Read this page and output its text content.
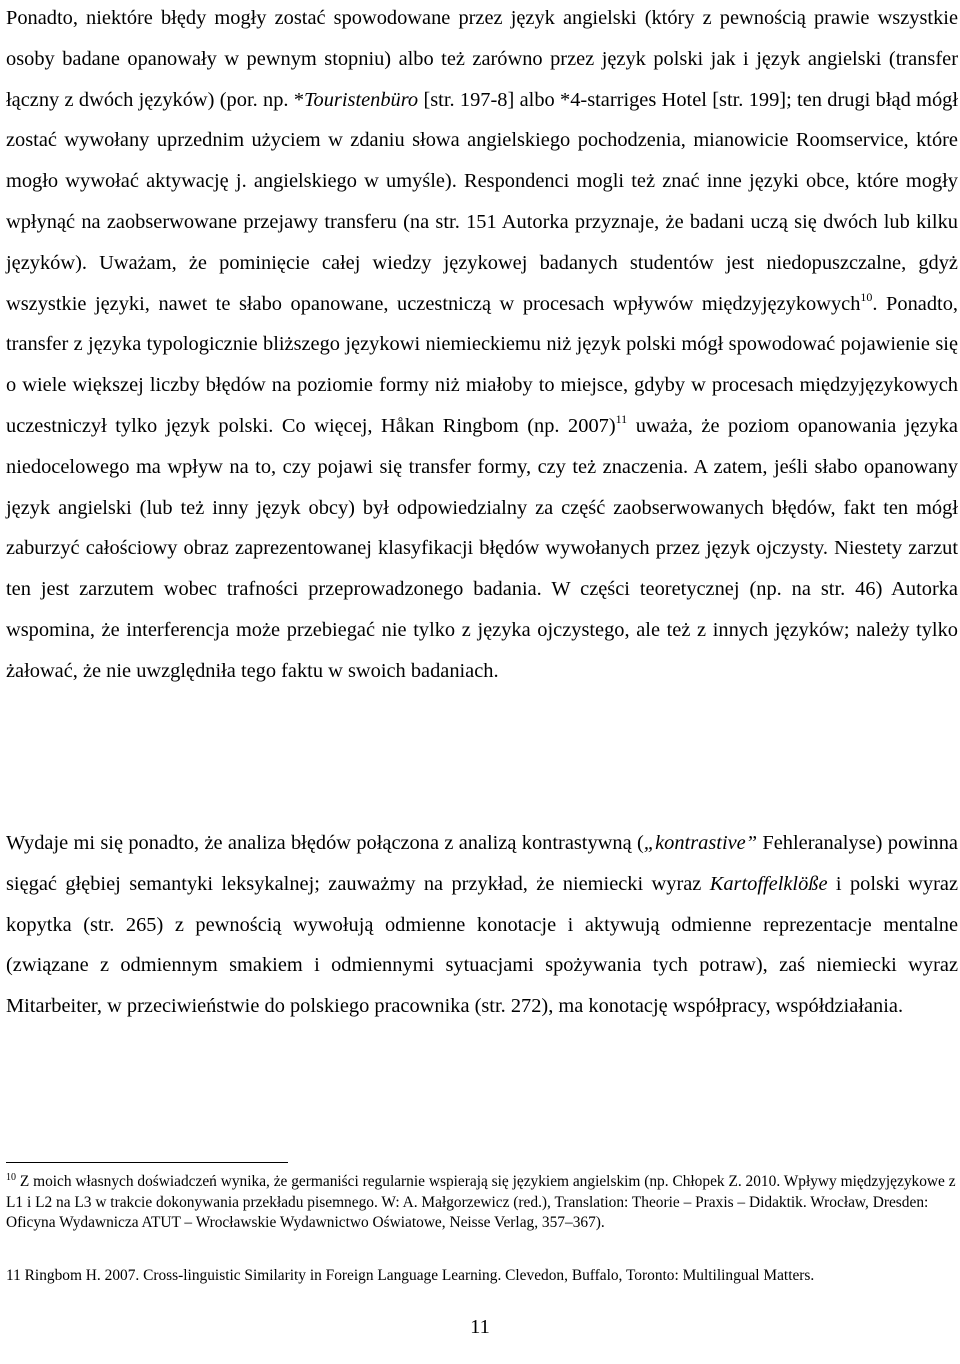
Ponadto, niektóre błędy mogły zostać spowodowane przez język angielski (który z pewnością prawie wszystkie osoby badane opanowały w pewnym stopniu) albo też zarówno przez język polski jak i język angielski (transfer łączny z dwóch języków) (por. np. *Touristenbüro [str. 197-8] albo *4-starriges Hotel [str. 199]; ten drugi błąd mógł zostać wywołany uprzednim użyciem w zdaniu słowa angielskiego pochodzenia, mianowicie Roomservice, które mogło wywołać aktywację j. angielskiego w umyśle). Respondenci mogli też znać inne języki obce, które mogły wpłynąć na zaobserwowane przejawy transferu (na str. 151 Autorka przyznaje, że badani uczą się dwóch lub kilku języków). Uważam, że pominięcie całej wiedzy językowej badanych studentów jest niedopuszczalne, gdyż wszystkie języki, nawet te słabo opanowane, uczestniczą w procesach wpływów międzyjęzykowych$^{10}$. Ponadto, transfer z języka typologicznie bliższego językowi niemieckiemu niż język polski mógł spowodować pojawienie się o wiele większej liczby błędów na poziomie formy niż miałoby to miejsce, gdyby w procesach międzyjęzykowych uczestniczył tylko język polski. Co więcej, Håkan Ringbom (np. 2007)$^{11}$ uważa, że poziom opanowania języka niedocelowego ma wpływ na to, czy pojawi się transfer formy, czy też znaczenia. A zatem, jeśli słabo opanowany język angielski (lub też inny język obcy) był odpowiedzialny za część zaobserwowanych błędów, fakt ten mógł zaburzyć całościowy obraz zaprezentowanej klasyfikacji błędów wywołanych przez język ojczysty. Niestety zarzut ten jest zarzutem wobec trafności przeprowadzonego badania. W części teoretycznej (np. na str. 46) Autorka wspomina, że interferencja może przebiegać nie tylko z języka ojczystego, ale też z innych języków; należy tylko żałować, że nie uwzględniła tego faktu w swoich badaniach.

Wydaje mi się ponadto, że analiza błędów połączona z analizą kontrastywną („kontrastive” Fehleranalyse) powinna sięgać głębiej semantyki leksykalnej; zauważmy na przykład, że niemiecki wyraz Kartoffelklöße i polski wyraz kopytka (str. 265) z pewnością wywołują odmienne konotacje i aktywują odmienne reprezentacje mentalne (związane z odmiennym smakiem i odmiennymi sytuacjami spożywania tych potraw), zaś niemiecki wyraz Mitarbeiter, w przeciwieństwie do polskiego pracownika (str. 272), ma konotację współpracy, współdziałania.

$^{10}$ Z moich własnych doświadczeń wynika, że germaniści regularnie wspierają się językiem angielskim (np. Chłopek Z. 2010. Wpływy międzyjęzykowe z L1 i L2 na L3 w trakcie dokonywania przekładu pisemnego. W: A. Małgorzewicz (red.), Translation: Theorie – Praxis – Didaktik. Wrocław, Dresden: Oficyna Wydawnicza ATUT – Wrocławskie Wydawnictwo Oświatowe, Neisse Verlag, 357–367).

11 Ringbom H. 2007. Cross-linguistic Similarity in Foreign Language Learning. Clevedon, Buffalo, Toronto: Multilingual Matters.

11
